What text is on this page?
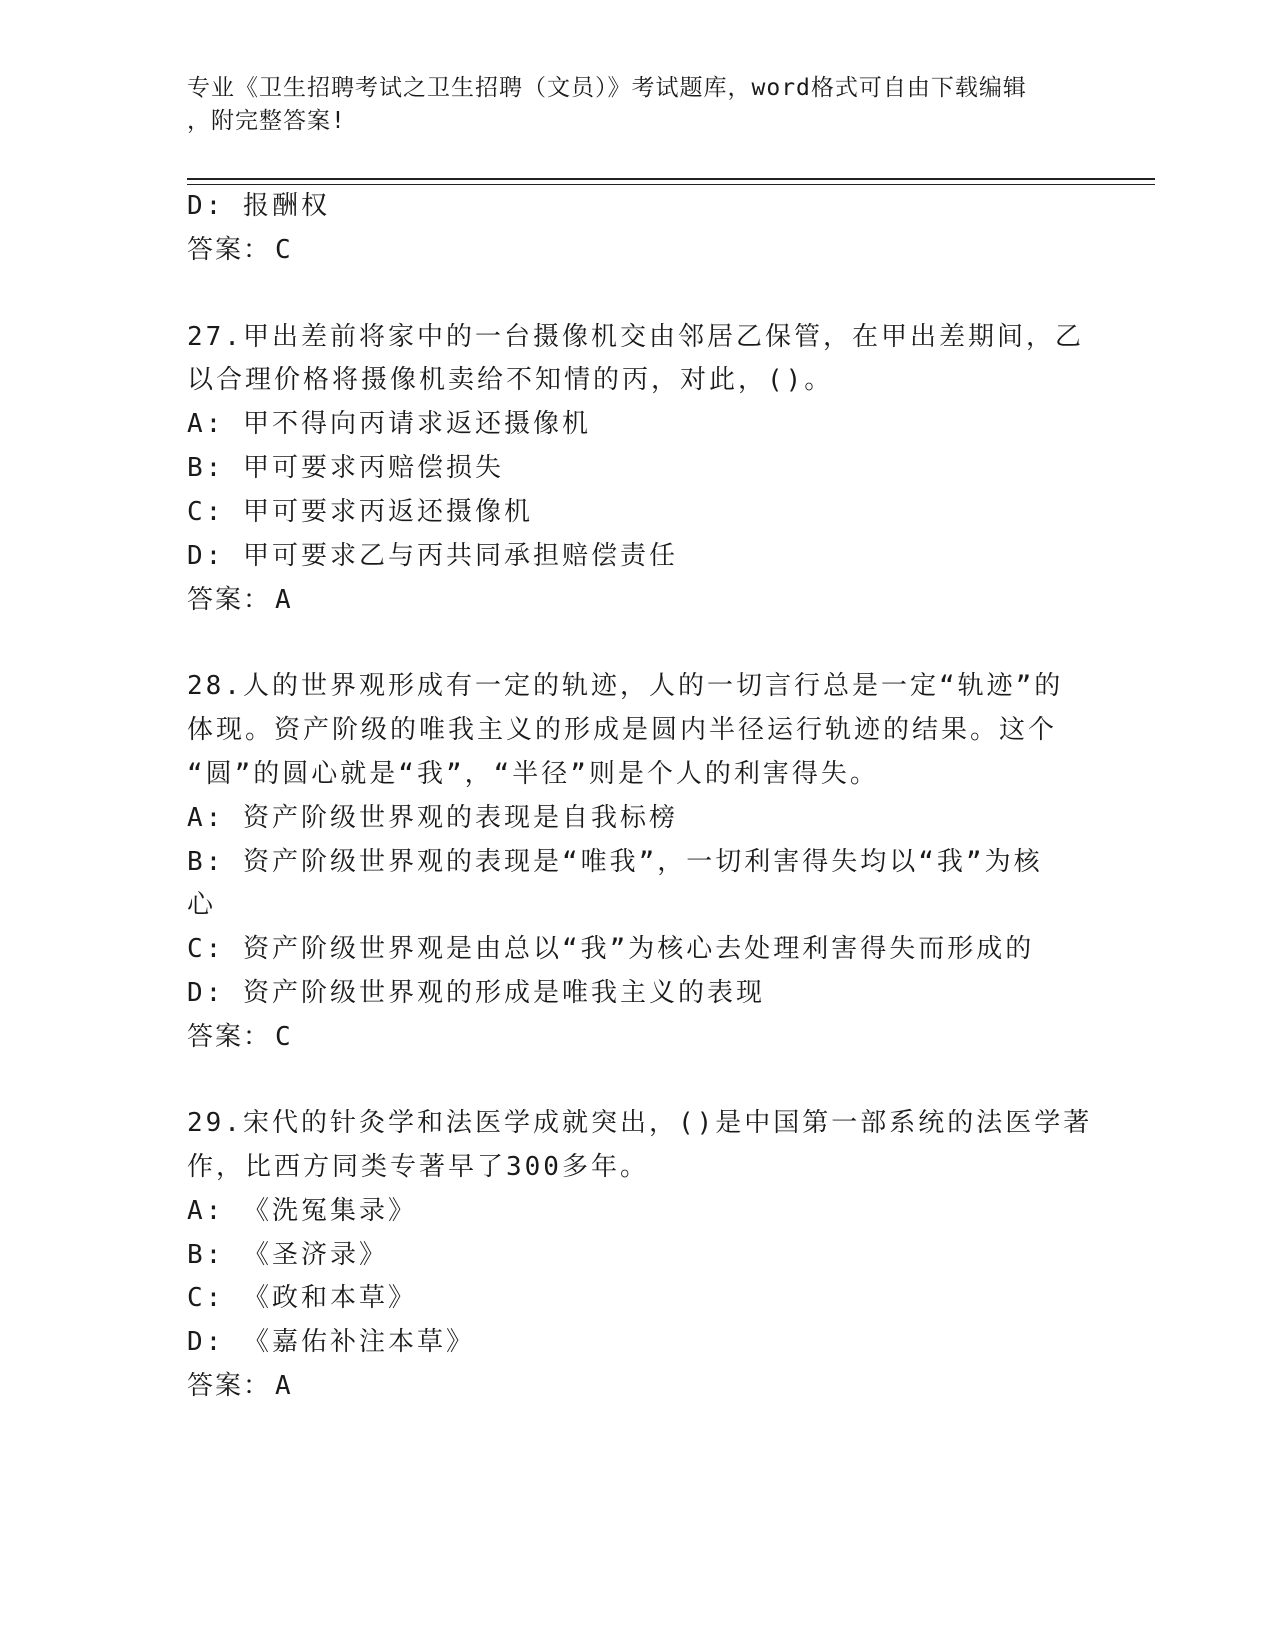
专业《卫生招聘考试之卫生招聘（文员）》考试题库，word格式可自由下载编辑
，附完整答案!
D: 报酬权
答案： C
27.甲出差前将家中的一台摄像机交由邻居乙保管，在甲出差期间，乙
以合理价格将摄像机卖给不知情的丙，对此，()。
A: 甲不得向丙请求返还摄像机
B: 甲可要求丙赔偿损失
C: 甲可要求丙返还摄像机
D: 甲可要求乙与丙共同承担赔偿责任
答案： A
28.人的世界观形成有一定的轨迹，人的一切言行总是一定“轨迹”的
体现。资产阶级的唯我主义的形成是圆内半径运行轨迹的结果。这个
“圆”的圆心就是“我”，“半径”则是个人的利害得失。
A: 资产阶级世界观的表现是自我标榜
B: 资产阶级世界观的表现是“唯我”，一切利害得失均以“我”为核
心
C: 资产阶级世界观是由总以“我”为核心去处理利害得失而形成的
D: 资产阶级世界观的形成是唯我主义的表现
答案： C
29.宋代的针灸学和法医学成就突出，()是中国第一部系统的法医学著
作，比西方同类专著早了300多年。
A: 《洗冤集录》
B: 《圣济录》
C: 《政和本草》
D: 《嘉佑补注本草》
答案： A
